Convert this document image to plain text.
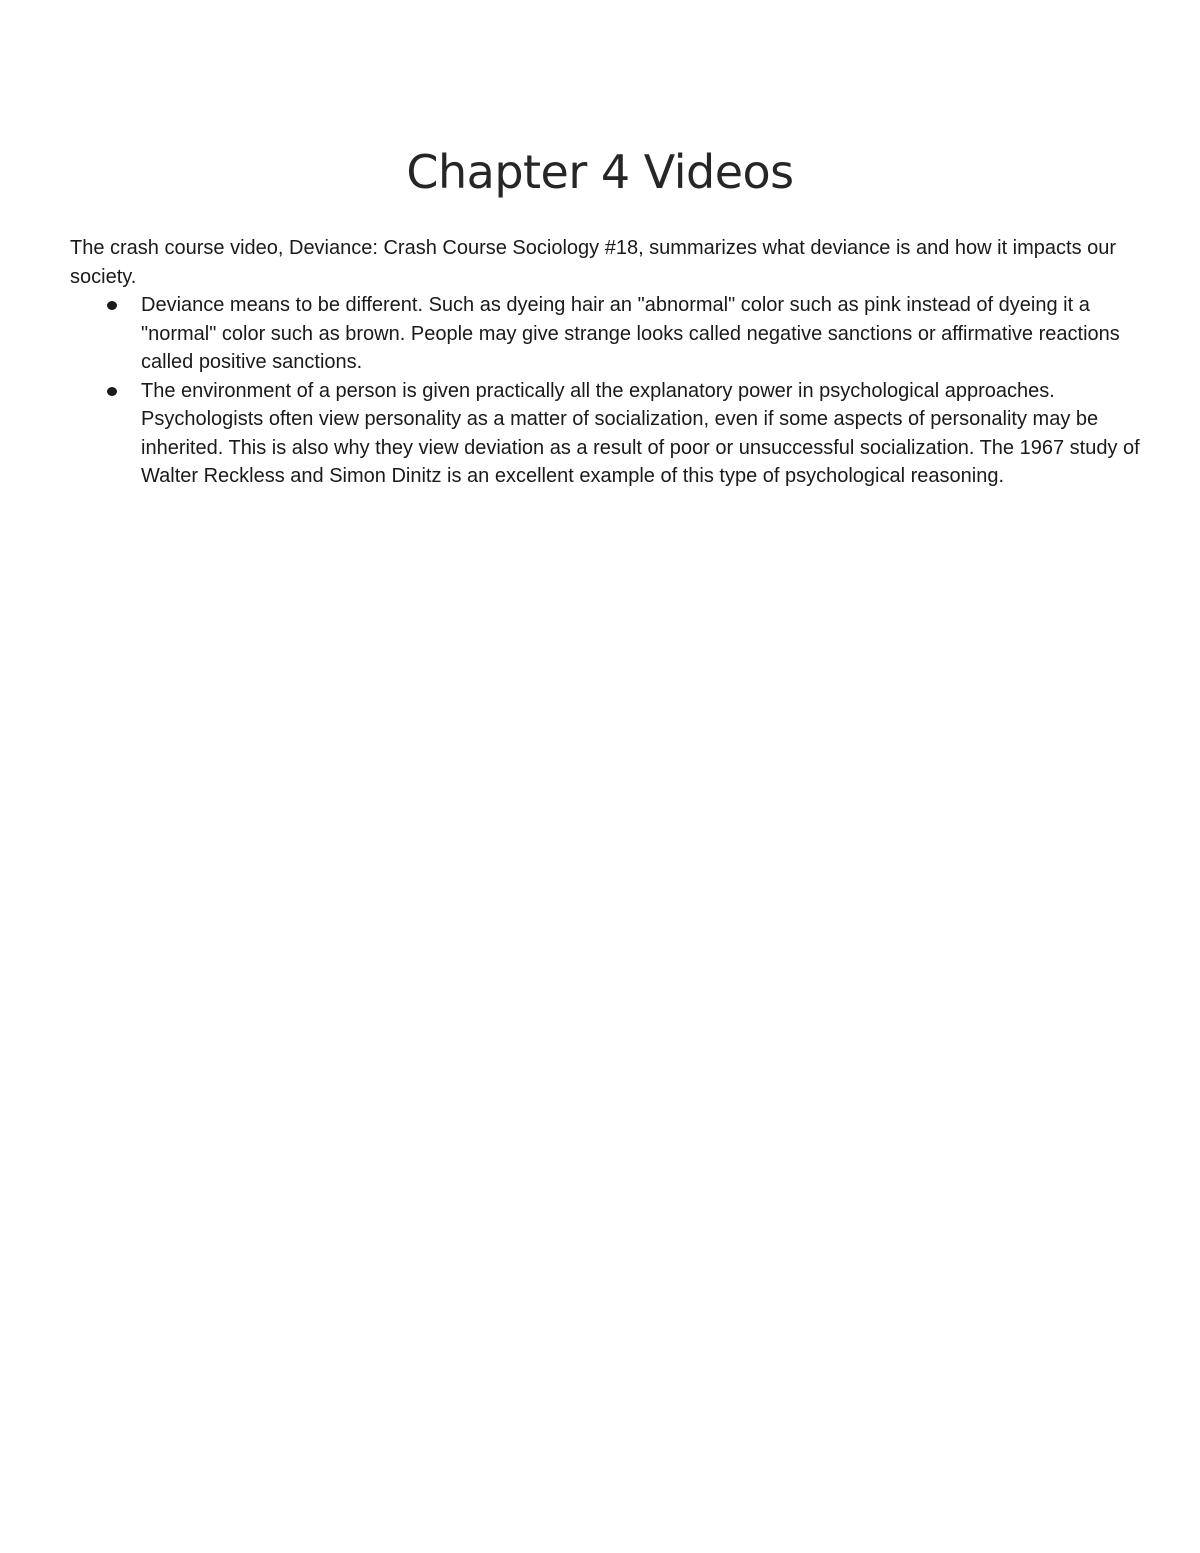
Chapter 4 Videos

The crash course video, Deviance: Crash Course Sociology #18, summarizes what deviance is and how it impacts our society.

Deviance means to be different. Such as dyeing hair an "abnormal" color such as pink instead of dyeing it a "normal" color such as brown. People may give strange looks called negative sanctions or affirmative reactions called positive sanctions.
The environment of a person is given practically all the explanatory power in psychological approaches. Psychologists often view personality as a matter of socialization, even if some aspects of personality may be inherited. This is also why they view deviation as a result of poor or unsuccessful socialization. The 1967 study of Walter Reckless and Simon Dinitz is an excellent example of this type of psychological reasoning.
